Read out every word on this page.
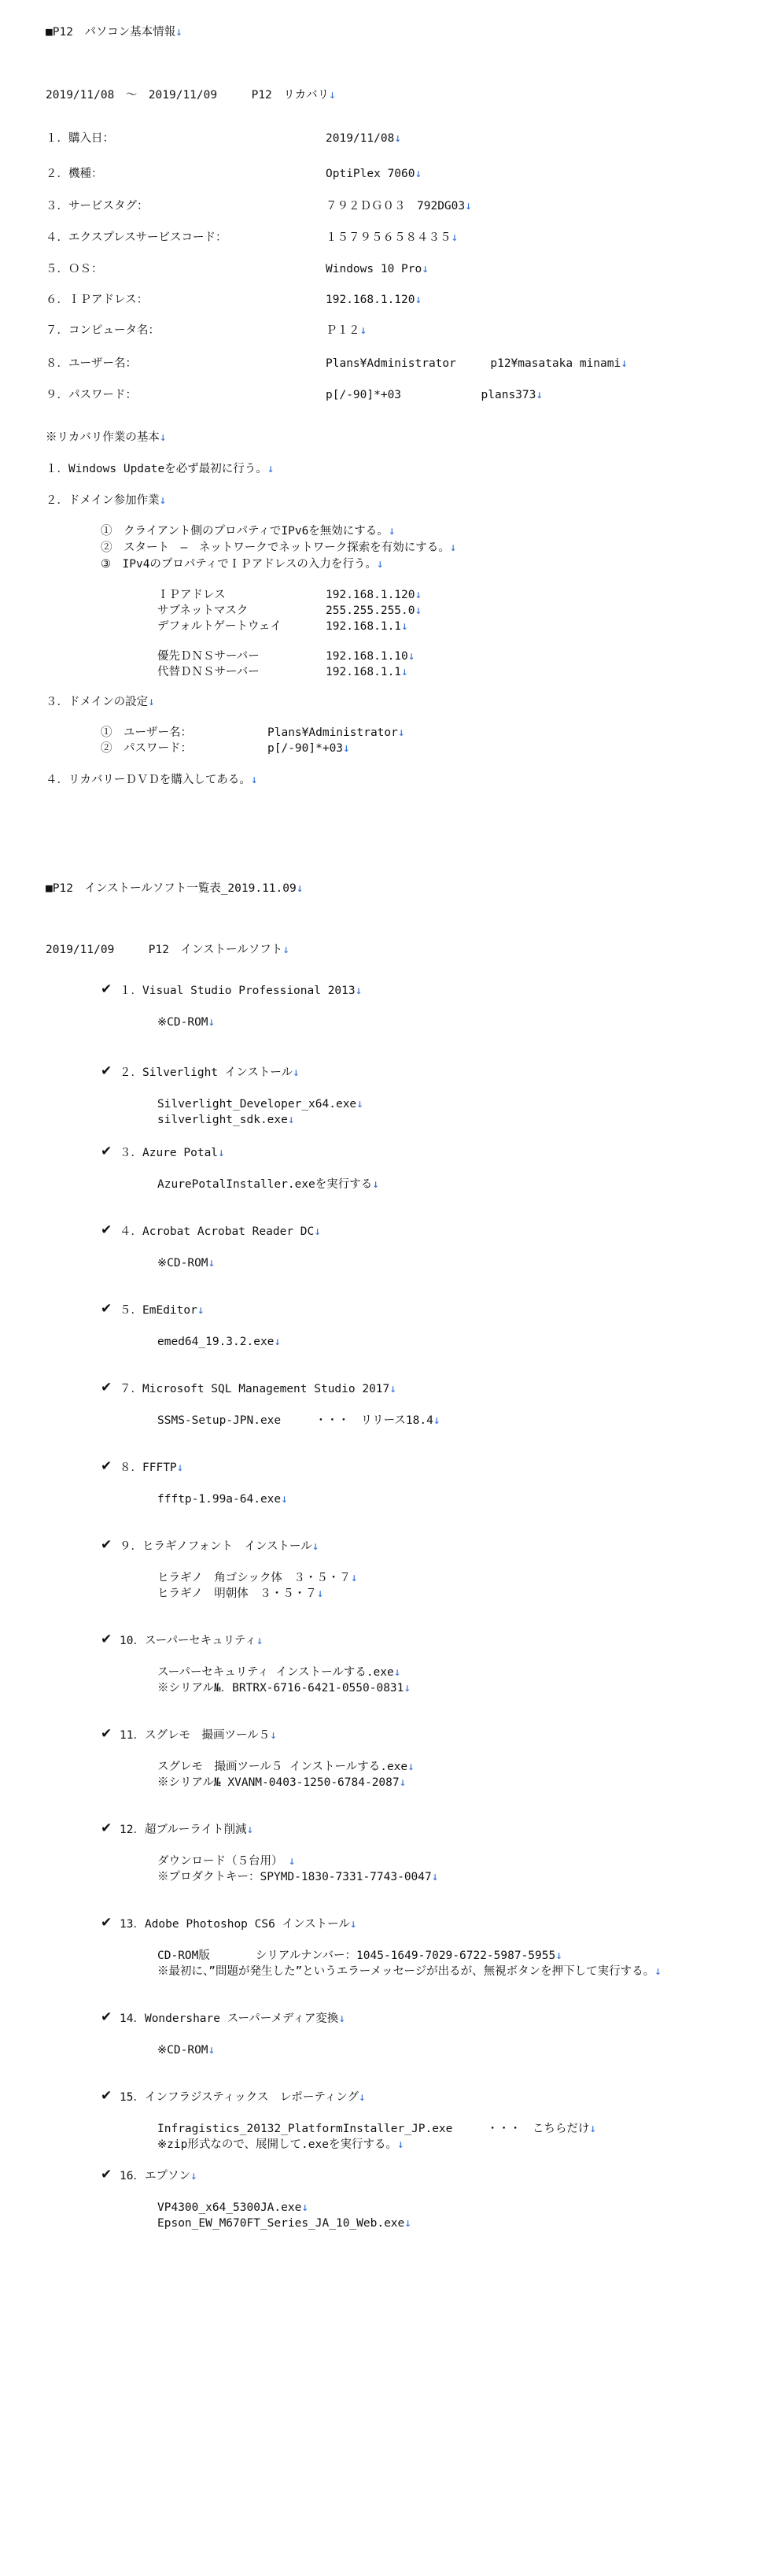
■P12　パソコン基本情報↓
2019/11/08　～　2019/11/09　　　P12　リカバリ↓
１．購入日：	2019/11/08↓
２．機種：	OptiPlex 7060↓
３．サービスタグ：	７９２ＤＧ０３　792DG03↓
４．エクスプレスサービスコード：	１５７９５６５８４３５↓
５．ＯＳ：	Windows 10 Pro↓
６．ＩＰアドレス：	192.168.1.120↓
７．コンピュータ名：	Ｐ１２↓
８．ユーザー名：	Plans¥Administrator　　　p12¥masataka minami↓
９．パスワード：	p[/-90]*+03　　　　　　　plans373↓
※リカバリ作業の基本↓
１．Windows Updateを必ず最初に行う。↓
２．ドメイン参加作業↓
①　クライアント側のプロパティでIPv6を無効にする。↓
②　スタート　―　ネットワークでネットワーク探索を有効にする。↓
③　IPv4のプロパティでＩＰアドレスの入力を行う。↓
ＩＰアドレス	192.168.1.120↓
サブネットマスク	255.255.255.0↓
デフォルトゲートウェイ	192.168.1.1↓
優先ＤＮＳサーバー	192.168.1.10↓
代替ＤＮＳサーバー	192.168.1.1↓
３．ドメインの設定↓
①　ユーザー名：	Plans¥Administrator↓
②　パスワード：	p[/-90]*+03↓
４．リカバリーＤＶＤを購入してある。↓
■P12　インストールソフト一覧表_2019.11.09↓
2019/11/09　　　P12　インストールソフト↓
✔ １．Visual Studio Professional 2013↓
※CD-ROM↓
✔ ２．Silverlight インストール↓
Silverlight_Developer_x64.exe↓
silverlight_sdk.exe↓
✔ ３．Azure Potal↓
AzurePotalInstaller.exeを実行する↓
✔ ４．Acrobat Acrobat Reader DC↓
※CD-ROM↓
✔ ５．EmEditor↓
emed64_19.3.2.exe↓
✔ ７．Microsoft SQL Management Studio 2017↓
SSMS-Setup-JPN.exe　　　・・・　リリース18.4↓
✔ ８．FFFTP↓
ffftp-1.99a-64.exe↓
✔ ９．ヒラギノフォント　インストール↓
ヒラギノ　角ゴシック体　３・５・７↓
ヒラギノ　明朝体　３・５・７↓
✔ 10．スーパーセキュリティ↓
スーパーセキュリティ インストールする.exe↓
※シリアル№．BRTRX-6716-6421-0550-0831↓
✔ 11．スグレモ　撮画ツール５↓
スグレモ　撮画ツール５ インストールする.exe↓
※シリアル№ XVANM-0403-1250-6784-2087↓
✔ 12．超ブルーライト削減↓
ダウンロード（５台用）　↓
※プロダクトキー：SPYMD-1830-7331-7743-0047↓
✔ 13．Adobe Photoshop CS6 インストール↓
CD-ROM版　　　　シリアルナンバー：1045-1649-7029-6722-5987-5955↓
※最初に、”問題が発生した”というエラーメッセージが出るが、無視ボタンを押下して実行する。↓
✔ 14．Wondershare スーパーメディア変換↓
※CD-ROM↓
✔ 15．インフラジスティックス　レポーティング↓
Infragistics_20132_PlatformInstaller_JP.exe　　　・・・　こちらだけ↓
※zip形式なので、展開して.exeを実行する。↓
✔ 16．エプソン↓
VP4300_x64_5300JA.exe↓
Epson_EW_M670FT_Series_JA_10_Web.exe↓
